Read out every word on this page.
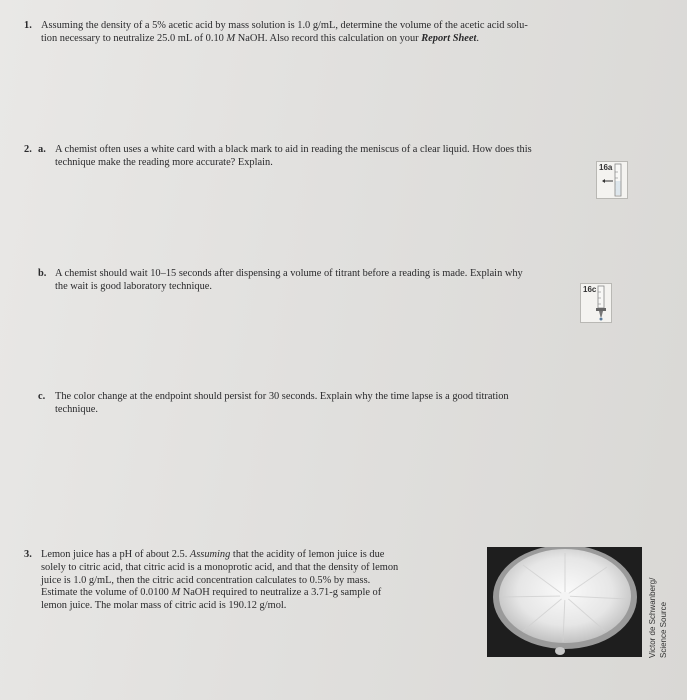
1. Assuming the density of a 5% acetic acid by mass solution is 1.0 g/mL, determine the volume of the acetic acid solu-

tion necessary to neutralize 25.0 mL of 0.10 M NaOH. Also record this calculation on your Report Sheet.

2. a. A chemist often uses a white card with a black mark to aid in reading the meniscus of a clear liquid. How does this

technique make the reading more accurate? Explain.

b. A chemist should wait 10–15 seconds after dispensing a volume of titrant before a reading is made. Explain why

the wait is good laboratory technique.

c. The color change at the endpoint should persist for 30 seconds. Explain why the time lapse is a good titration

technique.

16a
16c
3. Lemon juice has a pH of about 2.5. Assuming that the acidity of lemon juice is due

solely to citric acid, that citric acid is a monoprotic acid, and that the density of lemon

juice is 1.0 g/mL, then the citric acid concentration calculates to 0.5% by mass.

Estimate the volume of 0.0100 M NaOH required to neutralize a 3.71-g sample of

lemon juice. The molar mass of citric acid is 190.12 g/mol.	Victor de Schwanberg/ Science Source
